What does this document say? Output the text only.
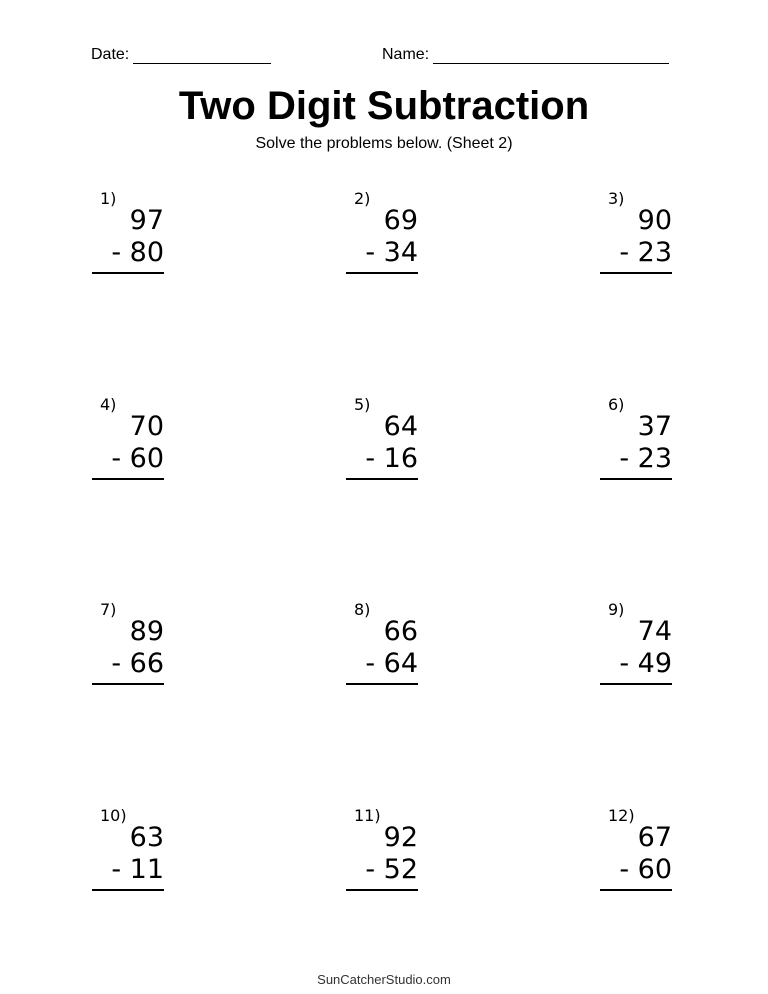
Date:	Name:
Two Digit Subtraction
Solve the problems below. (Sheet 2)
1)
97
- 80
2)
69
- 34
3)
90
- 23
4)
70
- 60
5)
64
- 16
6)
37
- 23
7)
89
- 66
8)
66
- 64
9)
74
- 49
10)
63
- 11
11)
92
- 52
12)
67
- 60
SunCatcherStudio.com
